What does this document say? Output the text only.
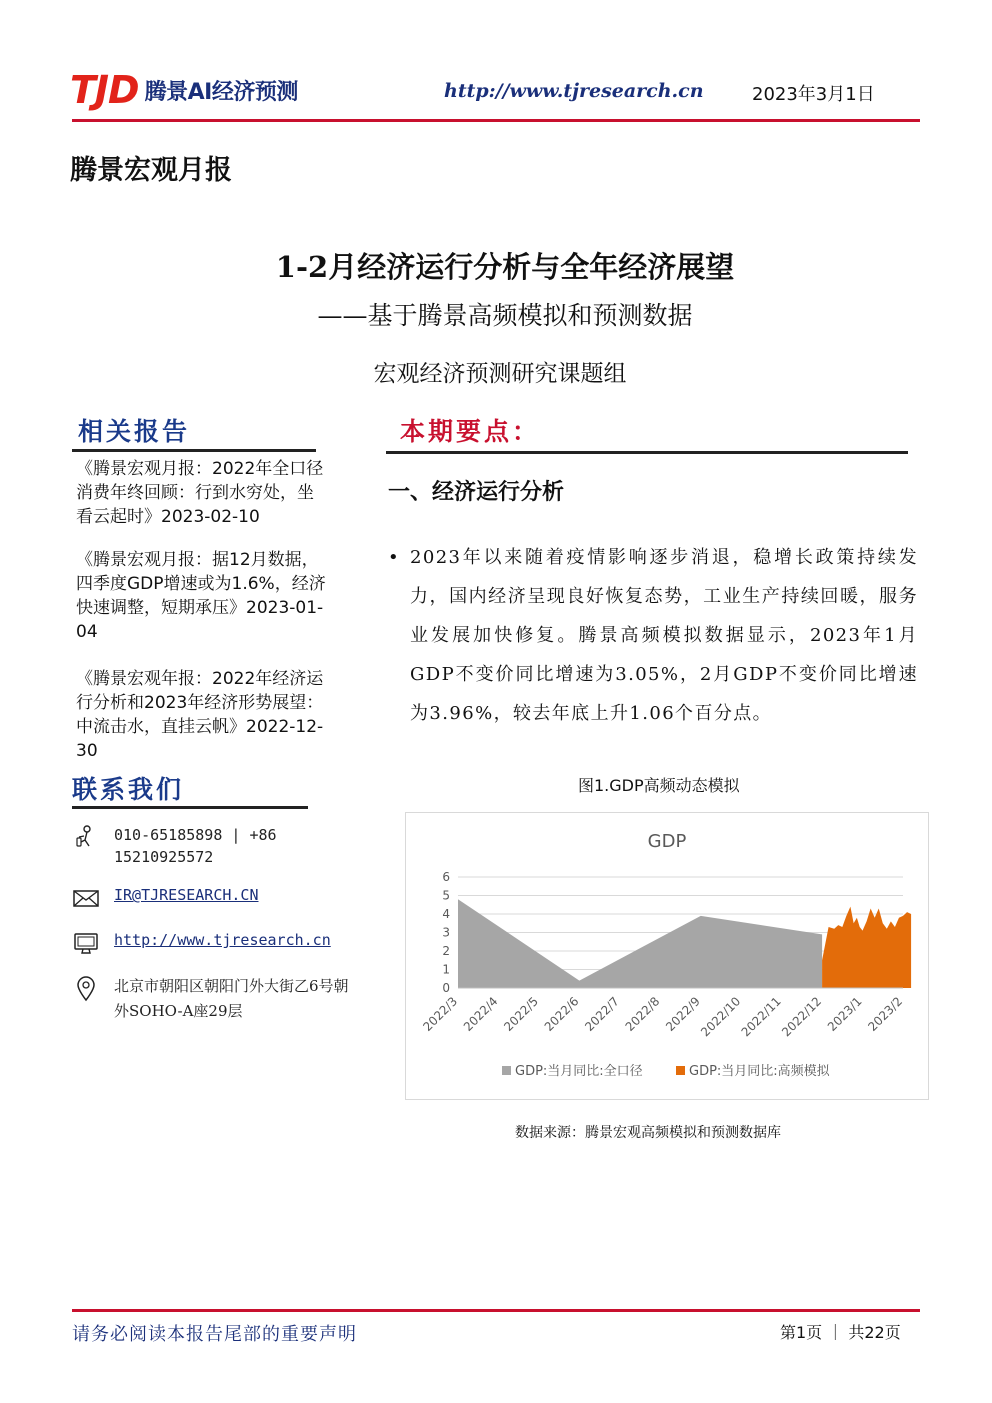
TJD 腾景AI经济预测	http://www.tjresearch.cn	2023年3月1日
腾景宏观月报
1-2月经济运行分析与全年经济展望
——基于腾景高频模拟和预测数据
宏观经济预测研究课题组
相关报告
《腾景宏观月报：2022年全口径消费年终回顾：行到水穷处，坐看云起时》2023-02-10
《腾景宏观月报：据12月数据，四季度GDP增速或为1.6%，经济快速调整，短期承压》2023-01-04
《腾景宏观年报：2022年经济运行分析和2023年经济形势展望：中流击水，直挂云帆》2022-12-30
联系我们
010-65185898 | +86 15210925572
IR@TJRESEARCH.CN
http://www.tjresearch.cn
北京市朝阳区朝阳门外大街乙6号朝外SOHO-A座29层
本期要点：
一、经济运行分析
• 2023年以来随着疫情影响逐步消退，稳增长政策持续发力，国内经济呈现良好恢复态势，工业生产持续回暖，服务业发展加快修复。腾景高频模拟数据显示，2023年1月GDP不变价同比增速为3.05%，2月GDP不变价同比增速为3.96%，较去年底上升1.06个百分点。
图1.GDP高频动态模拟
GDP
0
1
2
3
4
5
6
2022/3 2022/4 2022/5 2022/6 2022/7 2022/8 2022/9
2022/10
2022/11
2022/12 2023/1 2023/2
GDP:当月同比:全口径	GDP:当月同比:高频模拟
数据来源：腾景宏观高频模拟和预测数据库
请务必阅读本报告尾部的重要声明	第1页 ｜ 共22页
